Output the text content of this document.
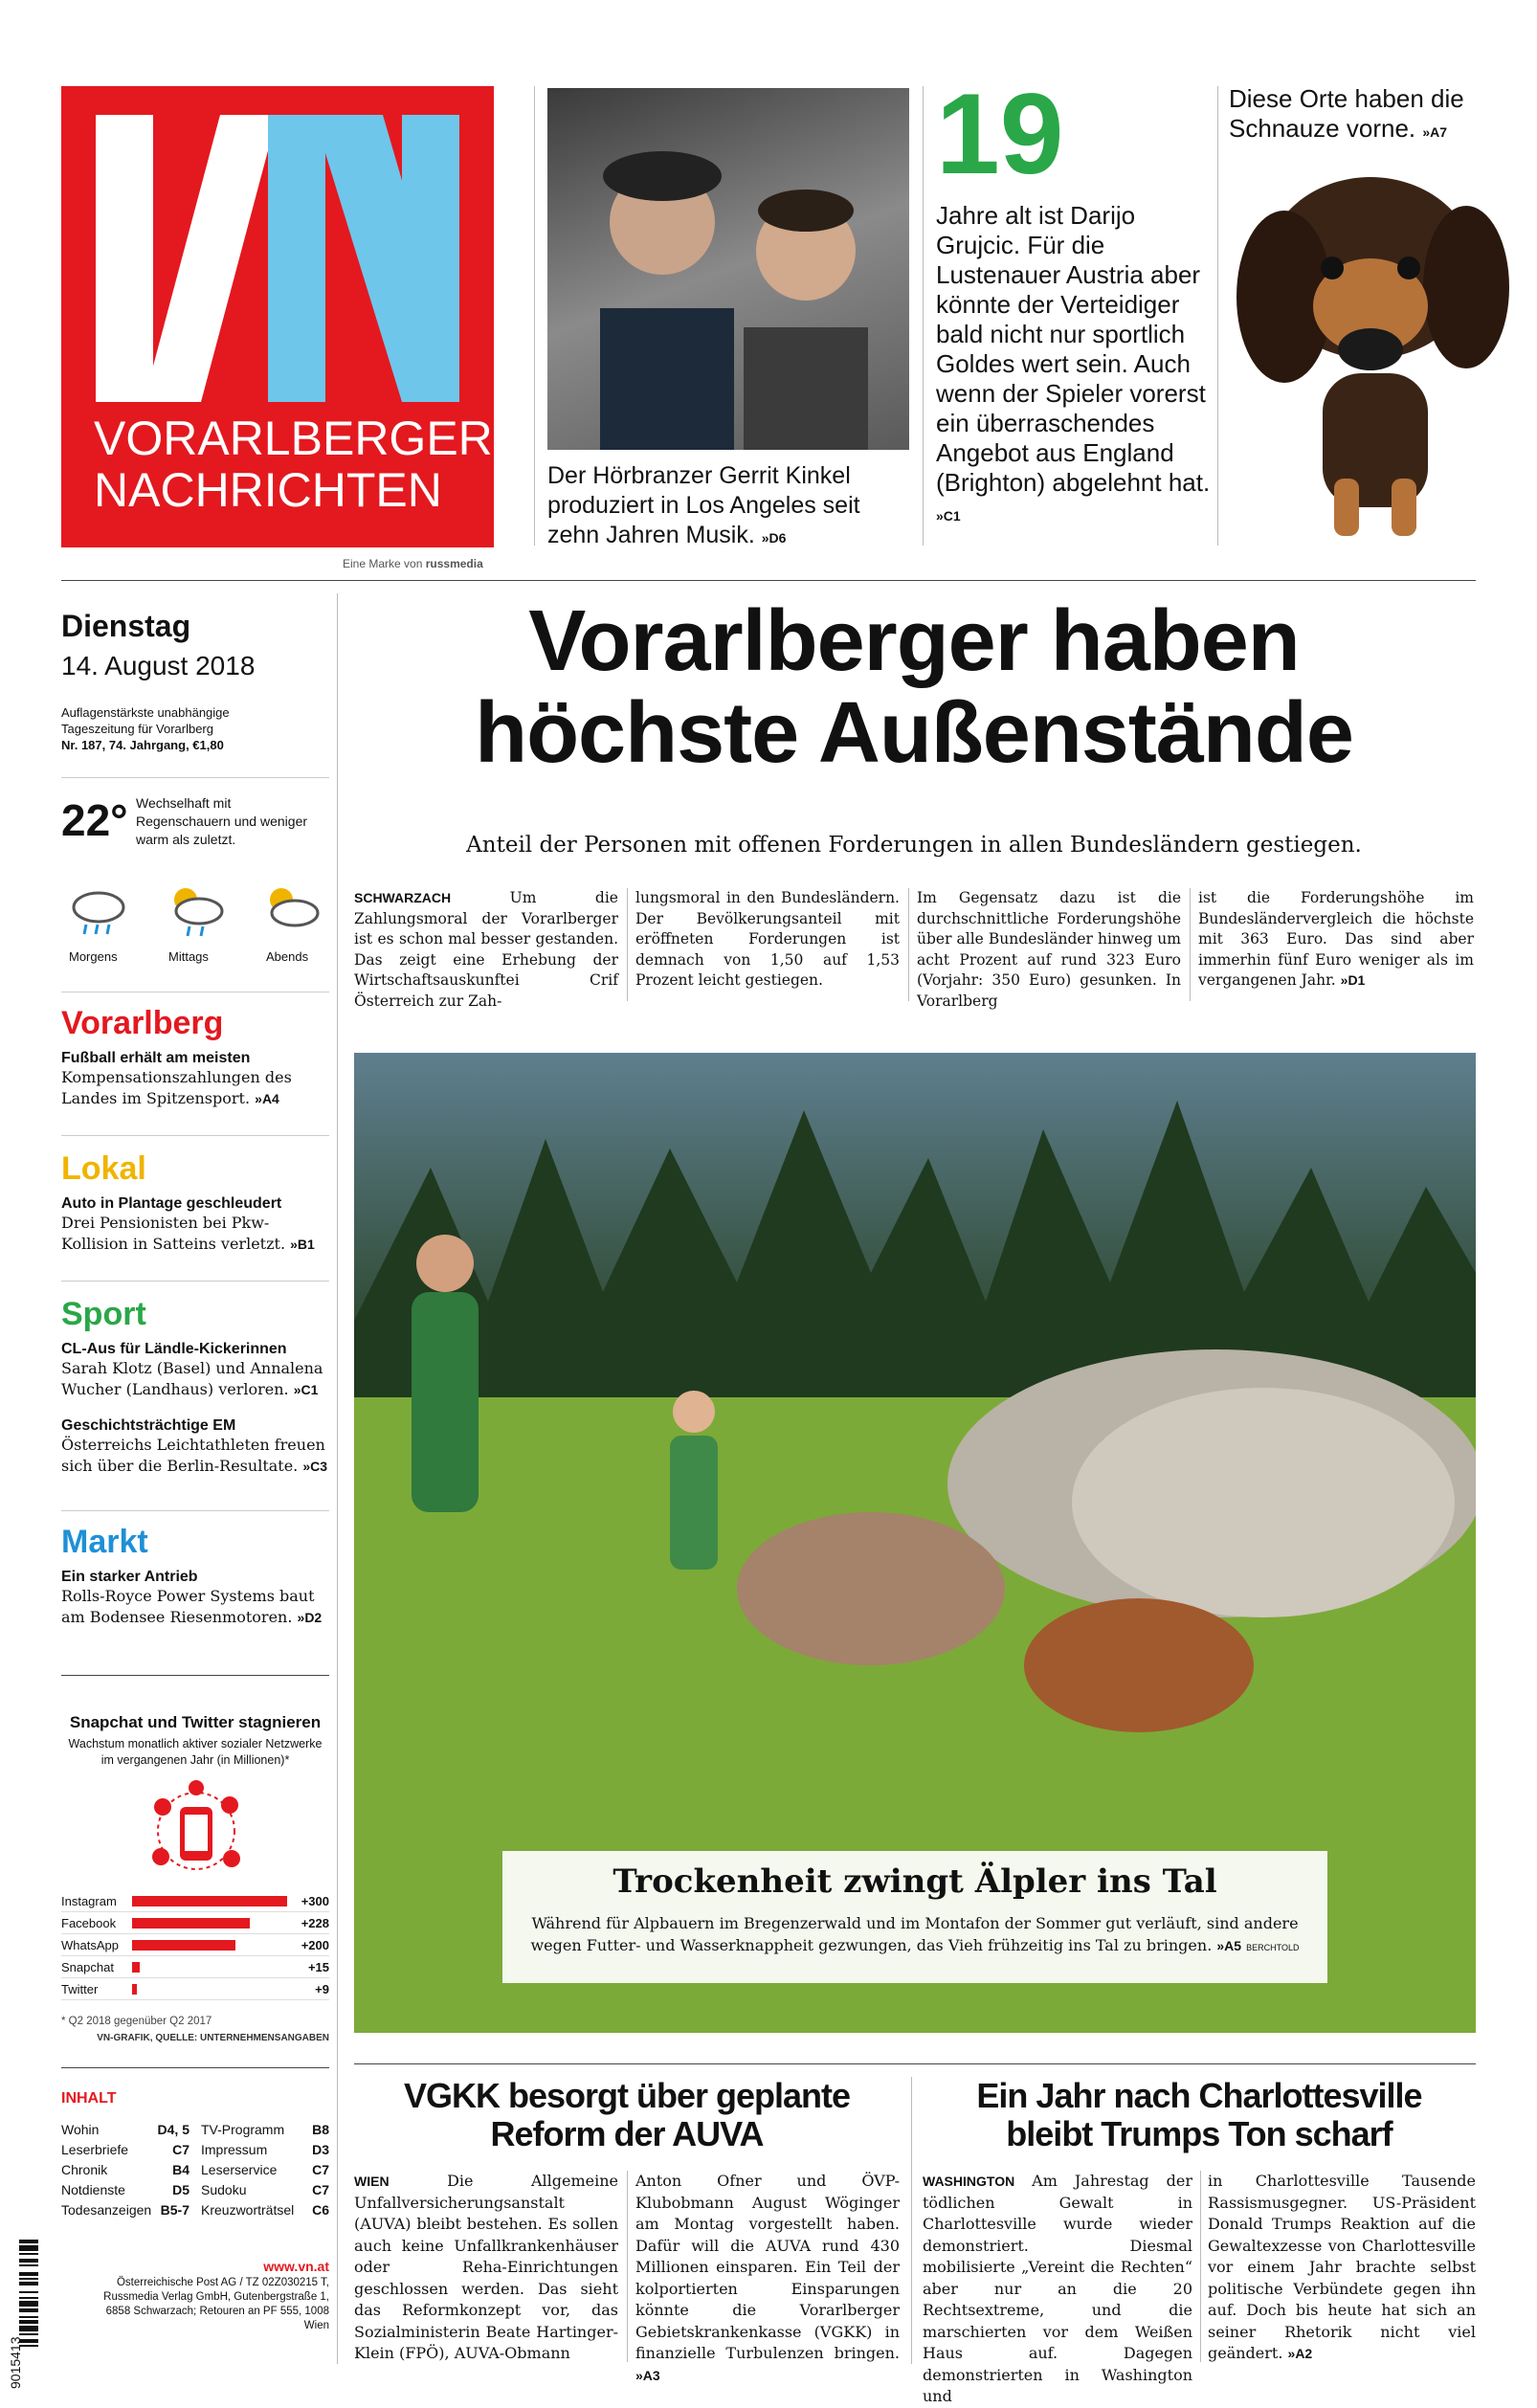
VORARLBERGER
NACHRICHTEN
Eine Marke von russmedia
Der Hörbranzer Gerrit Kinkel produziert in Los Angeles seit zehn Jahren Musik. »D6
19
Jahre alt ist Darijo Grujcic. Für die Lustenauer Austria aber könnte der Verteidiger bald nicht nur sportlich Goldes wert sein. Auch wenn der Spieler vorerst ein überraschendes Angebot aus England (Brighton) abgelehnt hat. »C1
Diese Orte haben die Schnauze vorne. »A7
Dienstag
14. August 2018
Auflagenstärkste unabhängige
Tageszeitung für Vorarlberg
Nr. 187, 74. Jahrgang, €1,80
22° Wechselhaft mit Regenschauern und weniger warm als zuletzt.
Morgens	Mittags	Abends
Vorarlberg
Fußball erhält am meisten
Kompensationszahlungen des Landes im Spitzensport. »A4
Lokal
Auto in Plantage geschleudert
Drei Pensionisten bei Pkw-Kollision in Satteins verletzt. »B1
Sport
CL-Aus für Ländle-Kickerinnen
Sarah Klotz (Basel) und Annalena Wucher (Landhaus) verloren. »C1
Geschichtsträchtige EM
Österreichs Leichtathleten freuen sich über die Berlin-Resultate. »C3
Markt
Ein starker Antrieb
Rolls-Royce Power Systems baut am Bodensee Riesenmotoren. »D2
Snapchat und Twitter stagnieren
Wachstum monatlich aktiver sozialer Netzwerke im vergangenen Jahr (in Millionen)*
Instagram	+300
Facebook	+228
WhatsApp	+200
Snapchat	+15
Twitter	+9
* Q2 2018 gegenüber Q2 2017
VN-GRAFIK, QUELLE: UNTERNEHMENSANGABEN
INHALT
Wohin	D4, 5
Leserbriefe	C7
Chronik	B4
Notdienste	D5
Todesanzeigen	B5-7
TV-Programm	B8
Impressum	D3
Leserservice	C7
Sudoku	C7
Kreuzworträtsel	C6
9015413
www.vn.at
Österreichische Post AG / TZ 02Z030215 T, Russmedia Verlag GmbH, Gutenbergstraße 1, 6858 Schwarzach; Retouren an PF 555, 1008 Wien
Vorarlberger haben
höchste Außenstände
Anteil der Personen mit offenen Forderungen in allen Bundesländern gestiegen.
SCHWARZACH	Um die Zahlungsmoral der Vorarlberger ist es schon mal besser gestanden. Das zeigt eine Erhebung der Wirtschaftsauskunftei Crif Österreich zur Zah-
lungsmoral in den Bundesländern. Der Bevölkerungsanteil mit eröffneten Forderungen ist demnach von 1,50 auf 1,53 Prozent leicht gestiegen.
Im Gegensatz dazu ist die durchschnittliche Forderungshöhe über alle Bundesländer hinweg um acht Prozent auf rund 323 Euro (Vorjahr: 350 Euro) gesunken. In Vorarlberg
ist die Forderungshöhe im Bundesländervergleich die höchste mit 363 Euro. Das sind aber immerhin fünf Euro weniger als im vergangenen Jahr. »D1
Trockenheit zwingt Älpler ins Tal
Während für Alpbauern im Bregenzerwald und im Montafon der Sommer gut verläuft, sind andere wegen Futter- und Wasserknappheit gezwungen, das Vieh frühzeitig ins Tal zu bringen. »A5 BERCHTOLD
VGKK besorgt über geplante
Reform der AUVA
WIEN	Die Allgemeine Unfallversicherungsanstalt (AUVA) bleibt bestehen. Es sollen auch keine Unfallkrankenhäuser oder Reha-Einrichtungen geschlossen werden. Das sieht das Reformkonzept vor, das Sozialministerin Beate Hartinger-Klein (FPÖ), AUVA-Obmann
Anton Ofner und ÖVP-Klubobmann August Wöginger am Montag vorgestellt haben. Dafür will die AUVA rund 430 Millionen einsparen. Ein Teil der kolportierten Einsparungen könnte die Vorarlberger Gebietskrankenkasse (VGKK) in finanzielle Turbulenzen bringen. »A3
Ein Jahr nach Charlottesville
bleibt Trumps Ton scharf
WASHINGTON Am Jahrestag der tödlichen Gewalt in Charlottesville wurde wieder demonstriert. Diesmal mobilisierte „Vereint die Rechten“ aber nur an die 20 Rechtsextreme, und die marschierten vor dem Weißen Haus auf. Dagegen demonstrierten in Washington und
in Charlottesville Tausende Rassismusgegner. US-Präsident Donald Trumps Reaktion auf die Gewaltexzesse von Charlottesville vor einem Jahr brachte selbst politische Verbündete gegen ihn auf. Doch bis heute hat sich an seiner Rhetorik nicht viel geändert. »A2
